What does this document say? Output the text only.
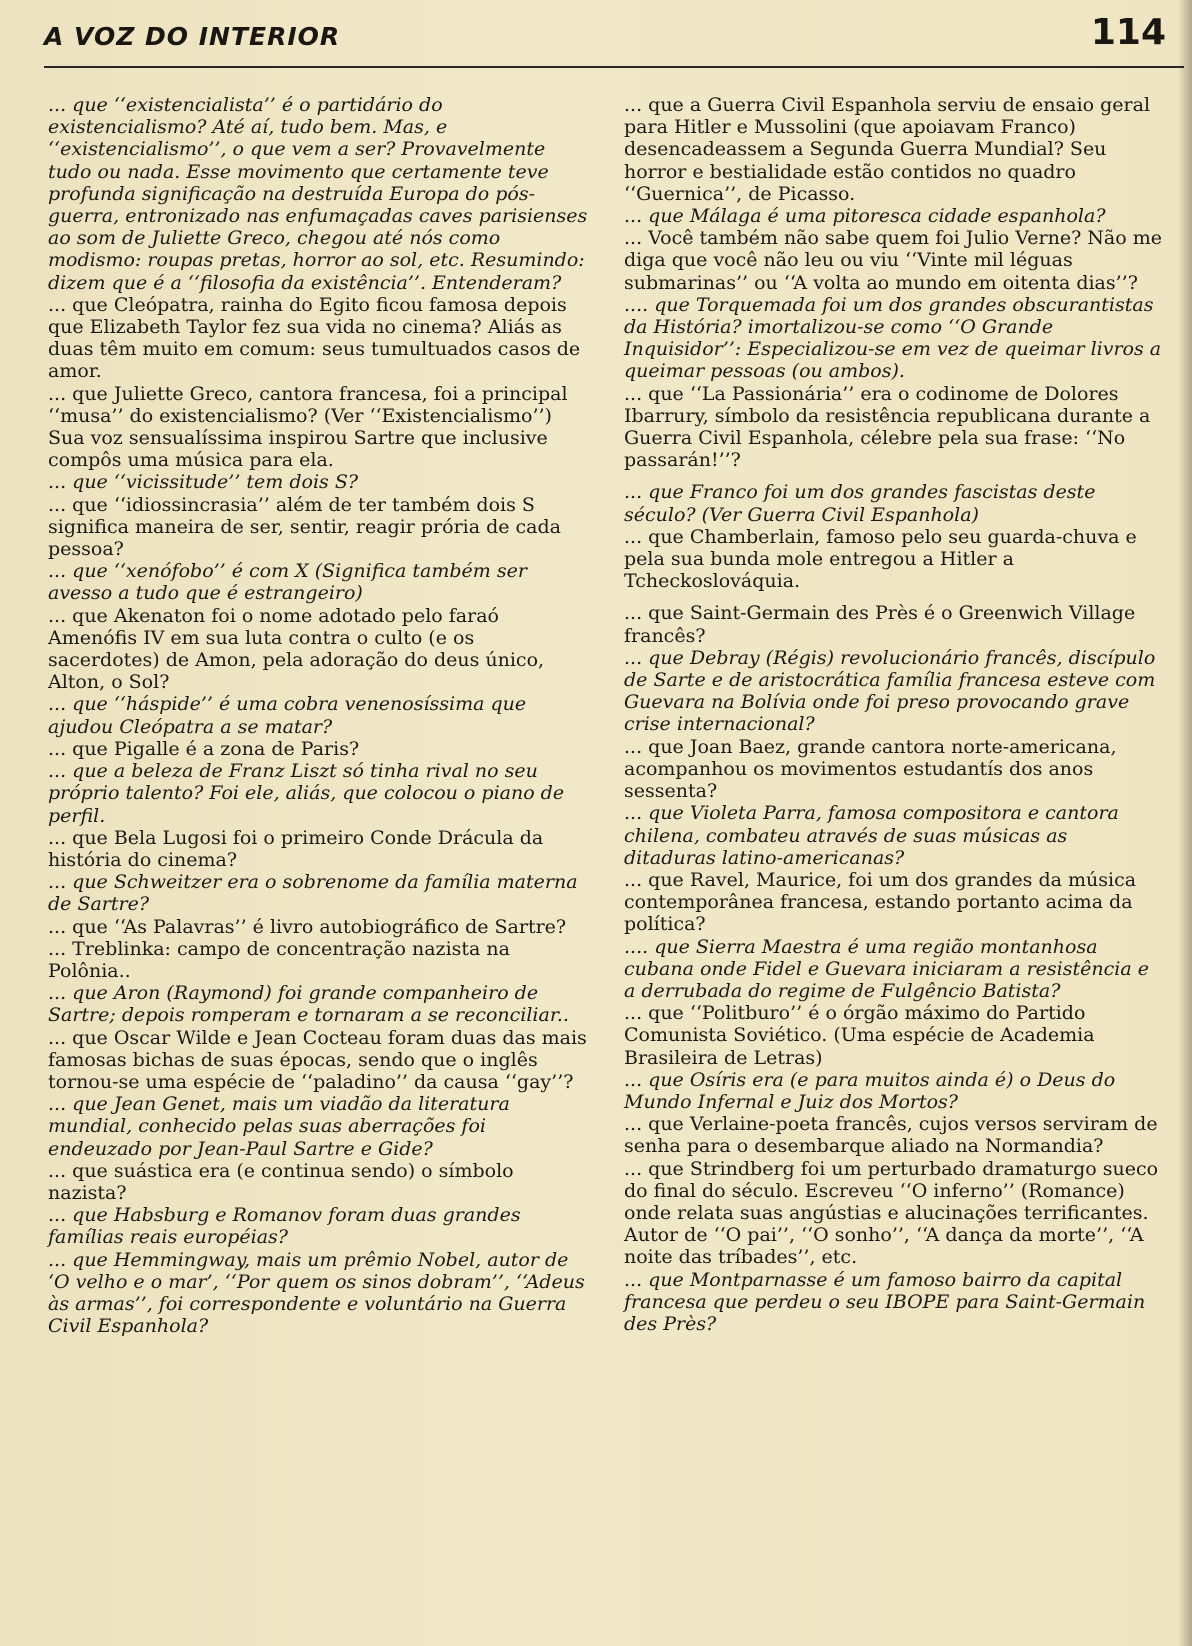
A VOZ DO INTERIOR	114

... que ‘‘existencialista’’ é o partidário do existencialismo? Até aí, tudo bem. Mas, e ‘‘existencialismo’’, o que vem a ser? Provavelmente tudo ou nada. Esse movimento que certamente teve profunda significação na destruída Europa do pós-guerra, entronizado nas enfumaçadas caves parisienses ao som de Juliette Greco, chegou até nós como modismo: roupas pretas, horror ao sol, etc. Resumindo: dizem que é a ‘‘filosofia da existência’’. Entenderam?

... que Cleópatra, rainha do Egito ficou famosa depois que Elizabeth Taylor fez sua vida no cinema? Aliás as duas têm muito em comum: seus tumultuados casos de amor.

... que Juliette Greco, cantora francesa, foi a principal ‘‘musa’’ do existencialismo? (Ver ‘‘Existencialismo’’) Sua voz sensualíssima inspirou Sartre que inclusive compôs uma música para ela.

... que ‘‘vicissitude’’ tem dois S?

... que ‘‘idiossincrasia’’ além de ter também dois S significa maneira de ser, sentir, reagir prória de cada pessoa?

... que ‘‘xenófobo’’ é com X (Significa também ser avesso a tudo que é estrangeiro)

... que Akenaton foi o nome adotado pelo faraó Amenófis IV em sua luta contra o culto (e os sacerdotes) de Amon, pela adoração do deus único, Alton, o Sol?

... que ‘‘háspide’’ é uma cobra venenosíssima que ajudou Cleópatra a se matar?

... que Pigalle é a zona de Paris?

... que a beleza de Franz Liszt só tinha rival no seu próprio talento? Foi ele, aliás, que colocou o piano de perfil.

... que Bela Lugosi foi o primeiro Conde Drácula da história do cinema?

... que Schweitzer era o sobrenome da família materna de Sartre?

... que ‘‘As Palavras’’ é livro autobiográfico de Sartre?

... Treblinka: campo de concentração nazista na Polônia..

... que Aron (Raymond) foi grande companheiro de Sartre; depois romperam e tornaram a se reconciliar..

... que Oscar Wilde e Jean Cocteau foram duas das mais famosas bichas de suas épocas, sendo que o inglês tornou-se uma espécie de ‘‘paladino’’ da causa ‘‘gay’’?

... que Jean Genet, mais um viadão da literatura mundial, conhecido pelas suas aberrações foi endeuzado por Jean-Paul Sartre e Gide?

... que suástica era (e continua sendo) o símbolo nazista?

... que Habsburg e Romanov foram duas grandes famílias reais européias?

... que Hemmingway, mais um prêmio Nobel, autor de ‘O velho e o mar’, ‘‘Por quem os sinos dobram’’, ‘‘Adeus às armas’’, foi correspondente e voluntário na Guerra Civil Espanhola?

... que a Guerra Civil Espanhola serviu de ensaio geral para Hitler e Mussolini (que apoiavam Franco) desencadeassem a Segunda Guerra Mundial? Seu horror e bestialidade estão contidos no quadro ‘‘Guernica’’, de Picasso.

... que Málaga é uma pitoresca cidade espanhola?

... Você também não sabe quem foi Julio Verne? Não me diga que você não leu ou viu ‘‘Vinte mil léguas submarinas’’ ou ‘‘A volta ao mundo em oitenta dias’’?

.... que Torquemada foi um dos grandes obscurantistas da História? imortalizou-se como ‘‘O Grande Inquisidor’’: Especializou-se em vez de queimar livros a queimar pessoas (ou ambos).

... que ‘‘La Passionária’’ era o codinome de Dolores Ibarrury, símbolo da resistência republicana durante a Guerra Civil Espanhola, célebre pela sua frase: ‘‘No passarán!’’?

... que Franco foi um dos grandes fascistas deste século? (Ver Guerra Civil Espanhola)

... que Chamberlain, famoso pelo seu guarda-chuva e pela sua bunda mole entregou a Hitler a Tcheckoslováquia.

... que Saint-Germain des Près é o Greenwich Village francês?

... que Debray (Régis) revolucionário francês, discípulo de Sarte e de aristocrática família francesa esteve com Guevara na Bolívia onde foi preso provocando grave crise internacional?

... que Joan Baez, grande cantora norte-americana, acompanhou os movimentos estudantís dos anos sessenta?

... que Violeta Parra, famosa compositora e cantora chilena, combateu através de suas músicas as ditaduras latino-americanas?

... que Ravel, Maurice, foi um dos grandes da música contemporânea francesa, estando portanto acima da política?

.... que Sierra Maestra é uma região montanhosa cubana onde Fidel e Guevara iniciaram a resistência e a derrubada do regime de Fulgêncio Batista?

... que ‘‘Politburo’’ é o órgão máximo do Partido Comunista Soviético. (Uma espécie de Academia Brasileira de Letras)

... que Osíris era (e para muitos ainda é) o Deus do Mundo Infernal e Juiz dos Mortos?

... que Verlaine-poeta francês, cujos versos serviram de senha para o desembarque aliado na Normandia?

... que Strindberg foi um perturbado dramaturgo sueco do final do século. Escreveu ‘‘O inferno’’ (Romance) onde relata suas angústias e alucinações terrificantes. Autor de ‘‘O pai’’, ‘‘O sonho’’, ‘‘A dança da morte’’, ‘‘A noite das tríbades’’, etc.

... que Montparnasse é um famoso bairro da capital francesa que perdeu o seu IBOPE para Saint-Germain des Près?
